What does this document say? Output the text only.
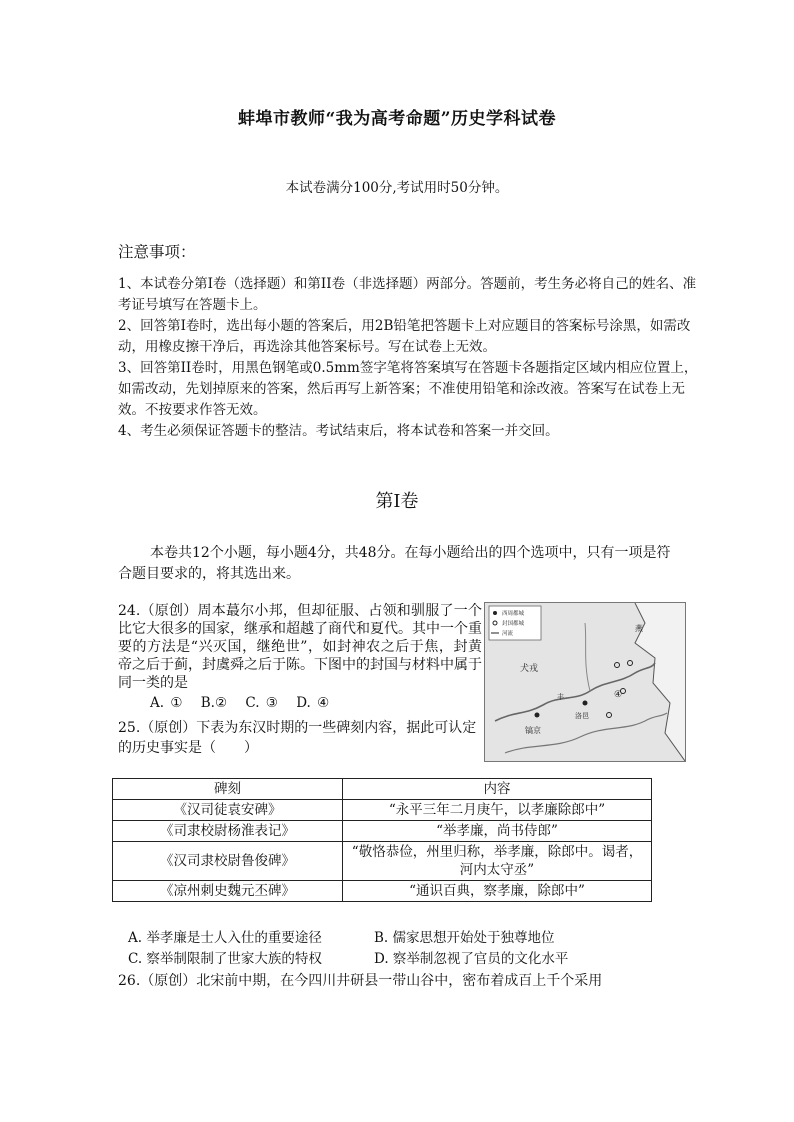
蚌埠市教师“我为高考命题”历史学科试卷
本试卷满分100分,考试用时50分钟。
注意事项：

1、本试卷分第Ⅰ卷（选择题）和第II卷（非选择题）两部分。答题前，考生务必将自己的姓名、准考证号填写在答题卡上。

2、回答第Ⅰ卷时，选出每小题的答案后，用2B铅笔把答题卡上对应题目的答案标号涂黑，如需改动，用橡皮擦干净后，再选涂其他答案标号。写在试卷上无效。

3、回答第II卷时，用黑色钢笔或0.5mm签字笔将答案填写在答题卡各题指定区域内相应位置上，如需改动，先划掉原来的答案，然后再写上新答案；不准使用铅笔和涂改液。答案写在试卷上无效。不按要求作答无效。

4、考生必须保证答题卡的整洁。考试结束后，将本试卷和答案一并交回。

第Ⅰ卷
本卷共12个小题，每小题4分，共48分。在每小题给出的四个选项中，只有一项是符合题目要求的，将其选出来。
24.（原创）周本蕞尔小邦，但却征服、占领和驯服了一个比它大很多的国家，继承和超越了商代和夏代。其中一个重要的方法是“兴灭国，继绝世”，如封神农之后于焦，封黄帝之后于蓟，封虞舜之后于陈。下图中的封国与材料中属于同一类的是
A. ① B.② C. ③ D. ④
西周都城
封国都城
河流
犬戎
镐京
洛邑
丰
燕
④
25.（原创）下表为东汉时期的一些碑刻内容，据此可认定的历史事实是（　　）
碑刻	内容
《汉司徒袁安碑》	“永平三年二月庚午，以孝廉除郎中”
《司隶校尉杨淮表记》	“举孝廉，尚书侍郎”
《汉司隶校尉鲁俊碑》	“敬恪恭俭，州里归称，举孝廉，除郎中。谒者，河内太守丞”
《凉州刺史魏元丕碑》	“通识百典，察孝廉，除郎中”
A. 举孝廉是士人入仕的重要途径	B. 儒家思想开始处于独尊地位
C. 察举制限制了世家大族的特权	D. 察举制忽视了官员的文化水平
26.（原创）北宋前中期，在今四川井研县一带山谷中，密布着成百上千个采用
